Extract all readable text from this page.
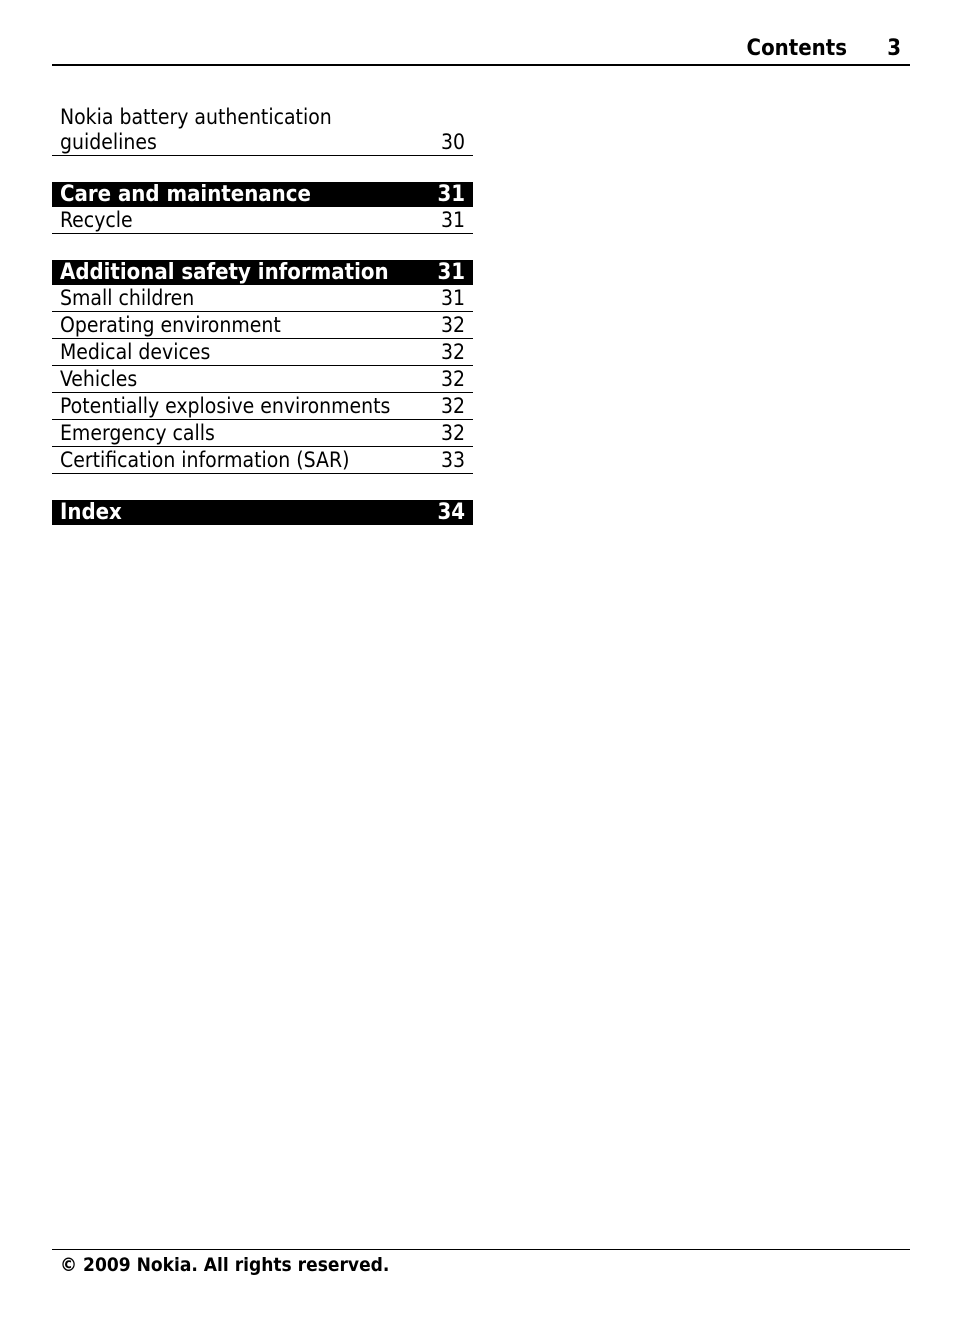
Contents 3
Nokia battery authentication
guidelines	30
Care and maintenance	31
Recycle	31
Additional safety information 31
Small children	31
Operating environment	32
Medical devices	32
Vehicles	32
Potentially explosive environments	32
Emergency calls	32
Certification information (SAR)	33
Index	34
© 2009 Nokia. All rights reserved.
